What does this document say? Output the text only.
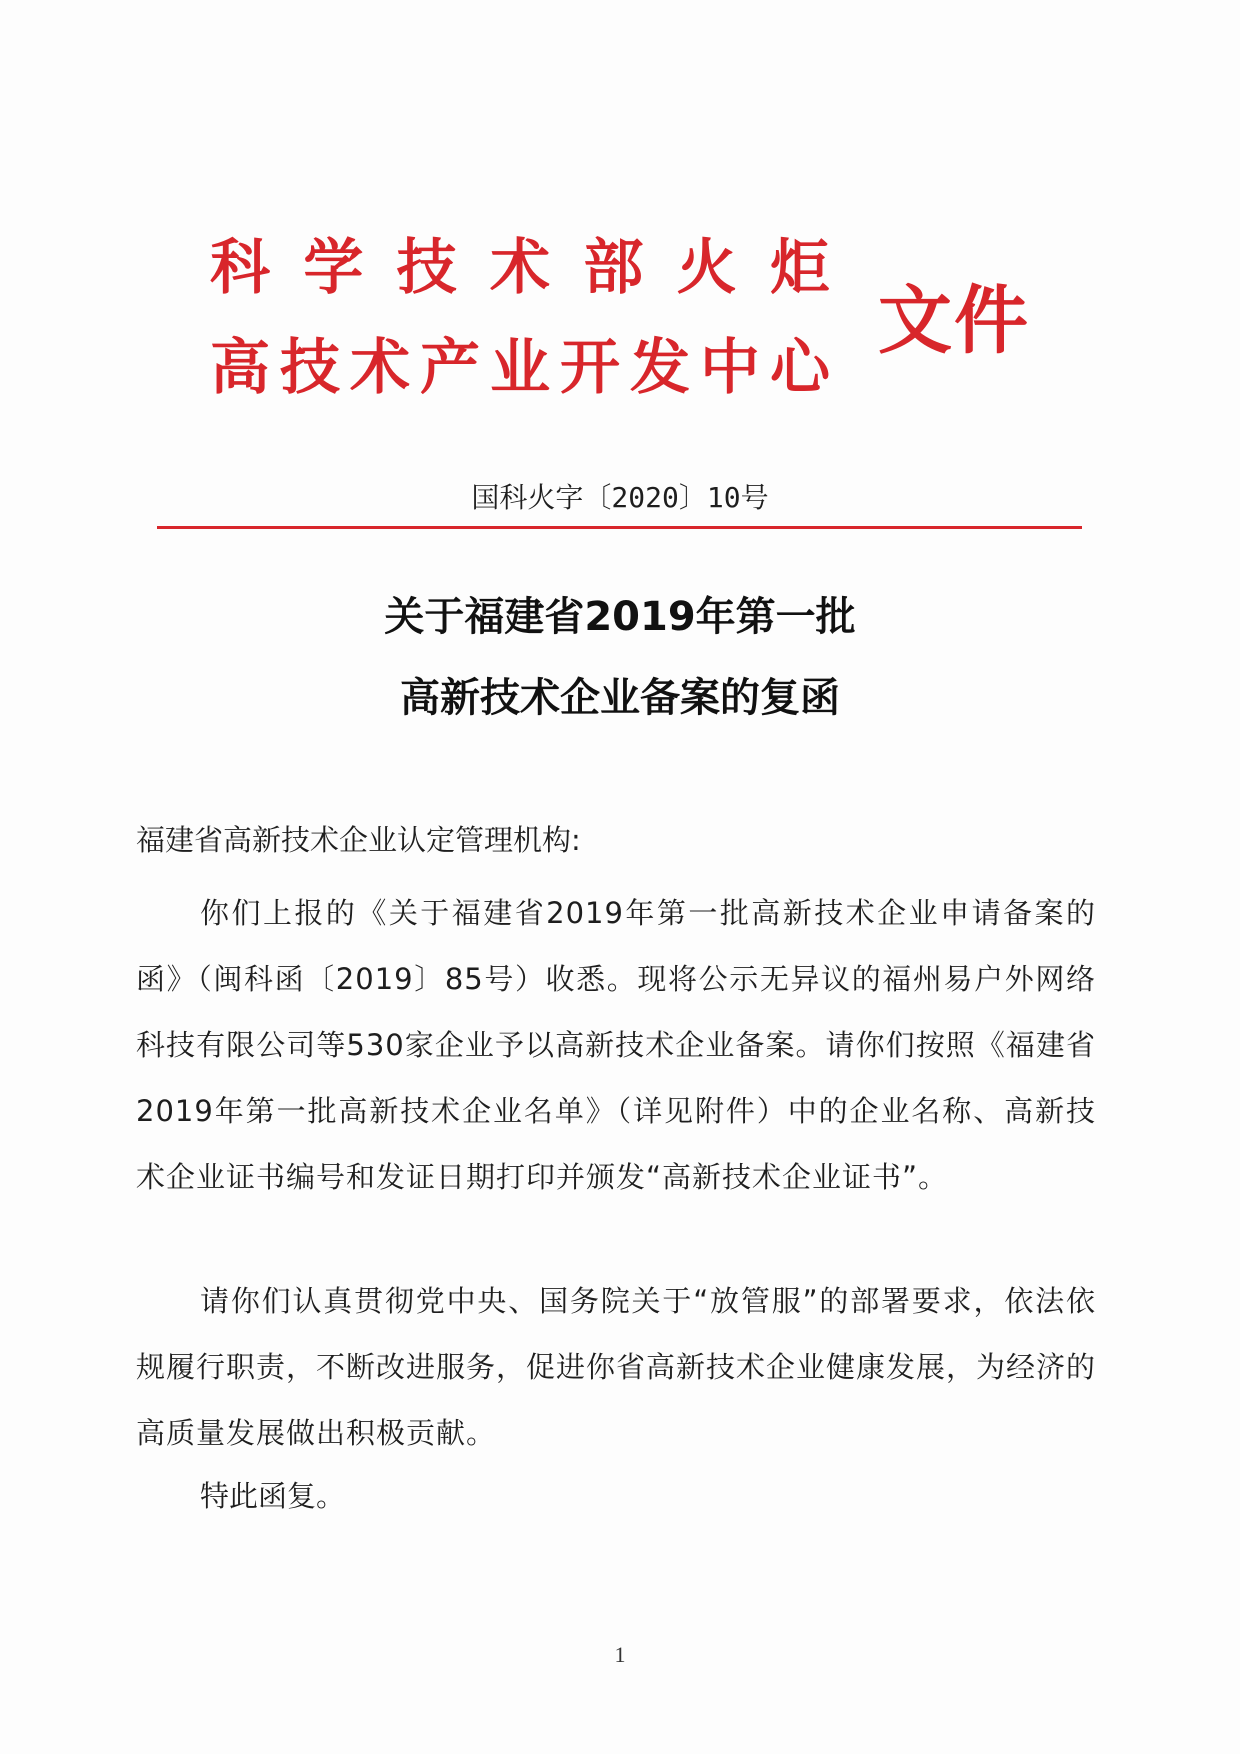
科 学 技 术 部 火 炬
高 技 术 产 业 开 发 中 心
文件
国科火字〔2020〕10号
关于福建省2019年第一批
高新技术企业备案的复函
福建省高新技术企业认定管理机构:
你们上报的《关于福建省2019年第一批高新技术企业申请备案的函》（闽科函〔2019〕85号）收悉。现将公示无异议的福州易户外网络科技有限公司等530家企业予以高新技术企业备案。请你们按照《福建省2019年第一批高新技术企业名单》（详见附件）中的企业名称、高新技术企业证书编号和发证日期打印并颁发“高新技术企业证书”。
请你们认真贯彻党中央、国务院关于“放管服”的部署要求，依法依规履行职责，不断改进服务，促进你省高新技术企业健康发展，为经济的高质量发展做出积极贡献。
特此函复。
1
